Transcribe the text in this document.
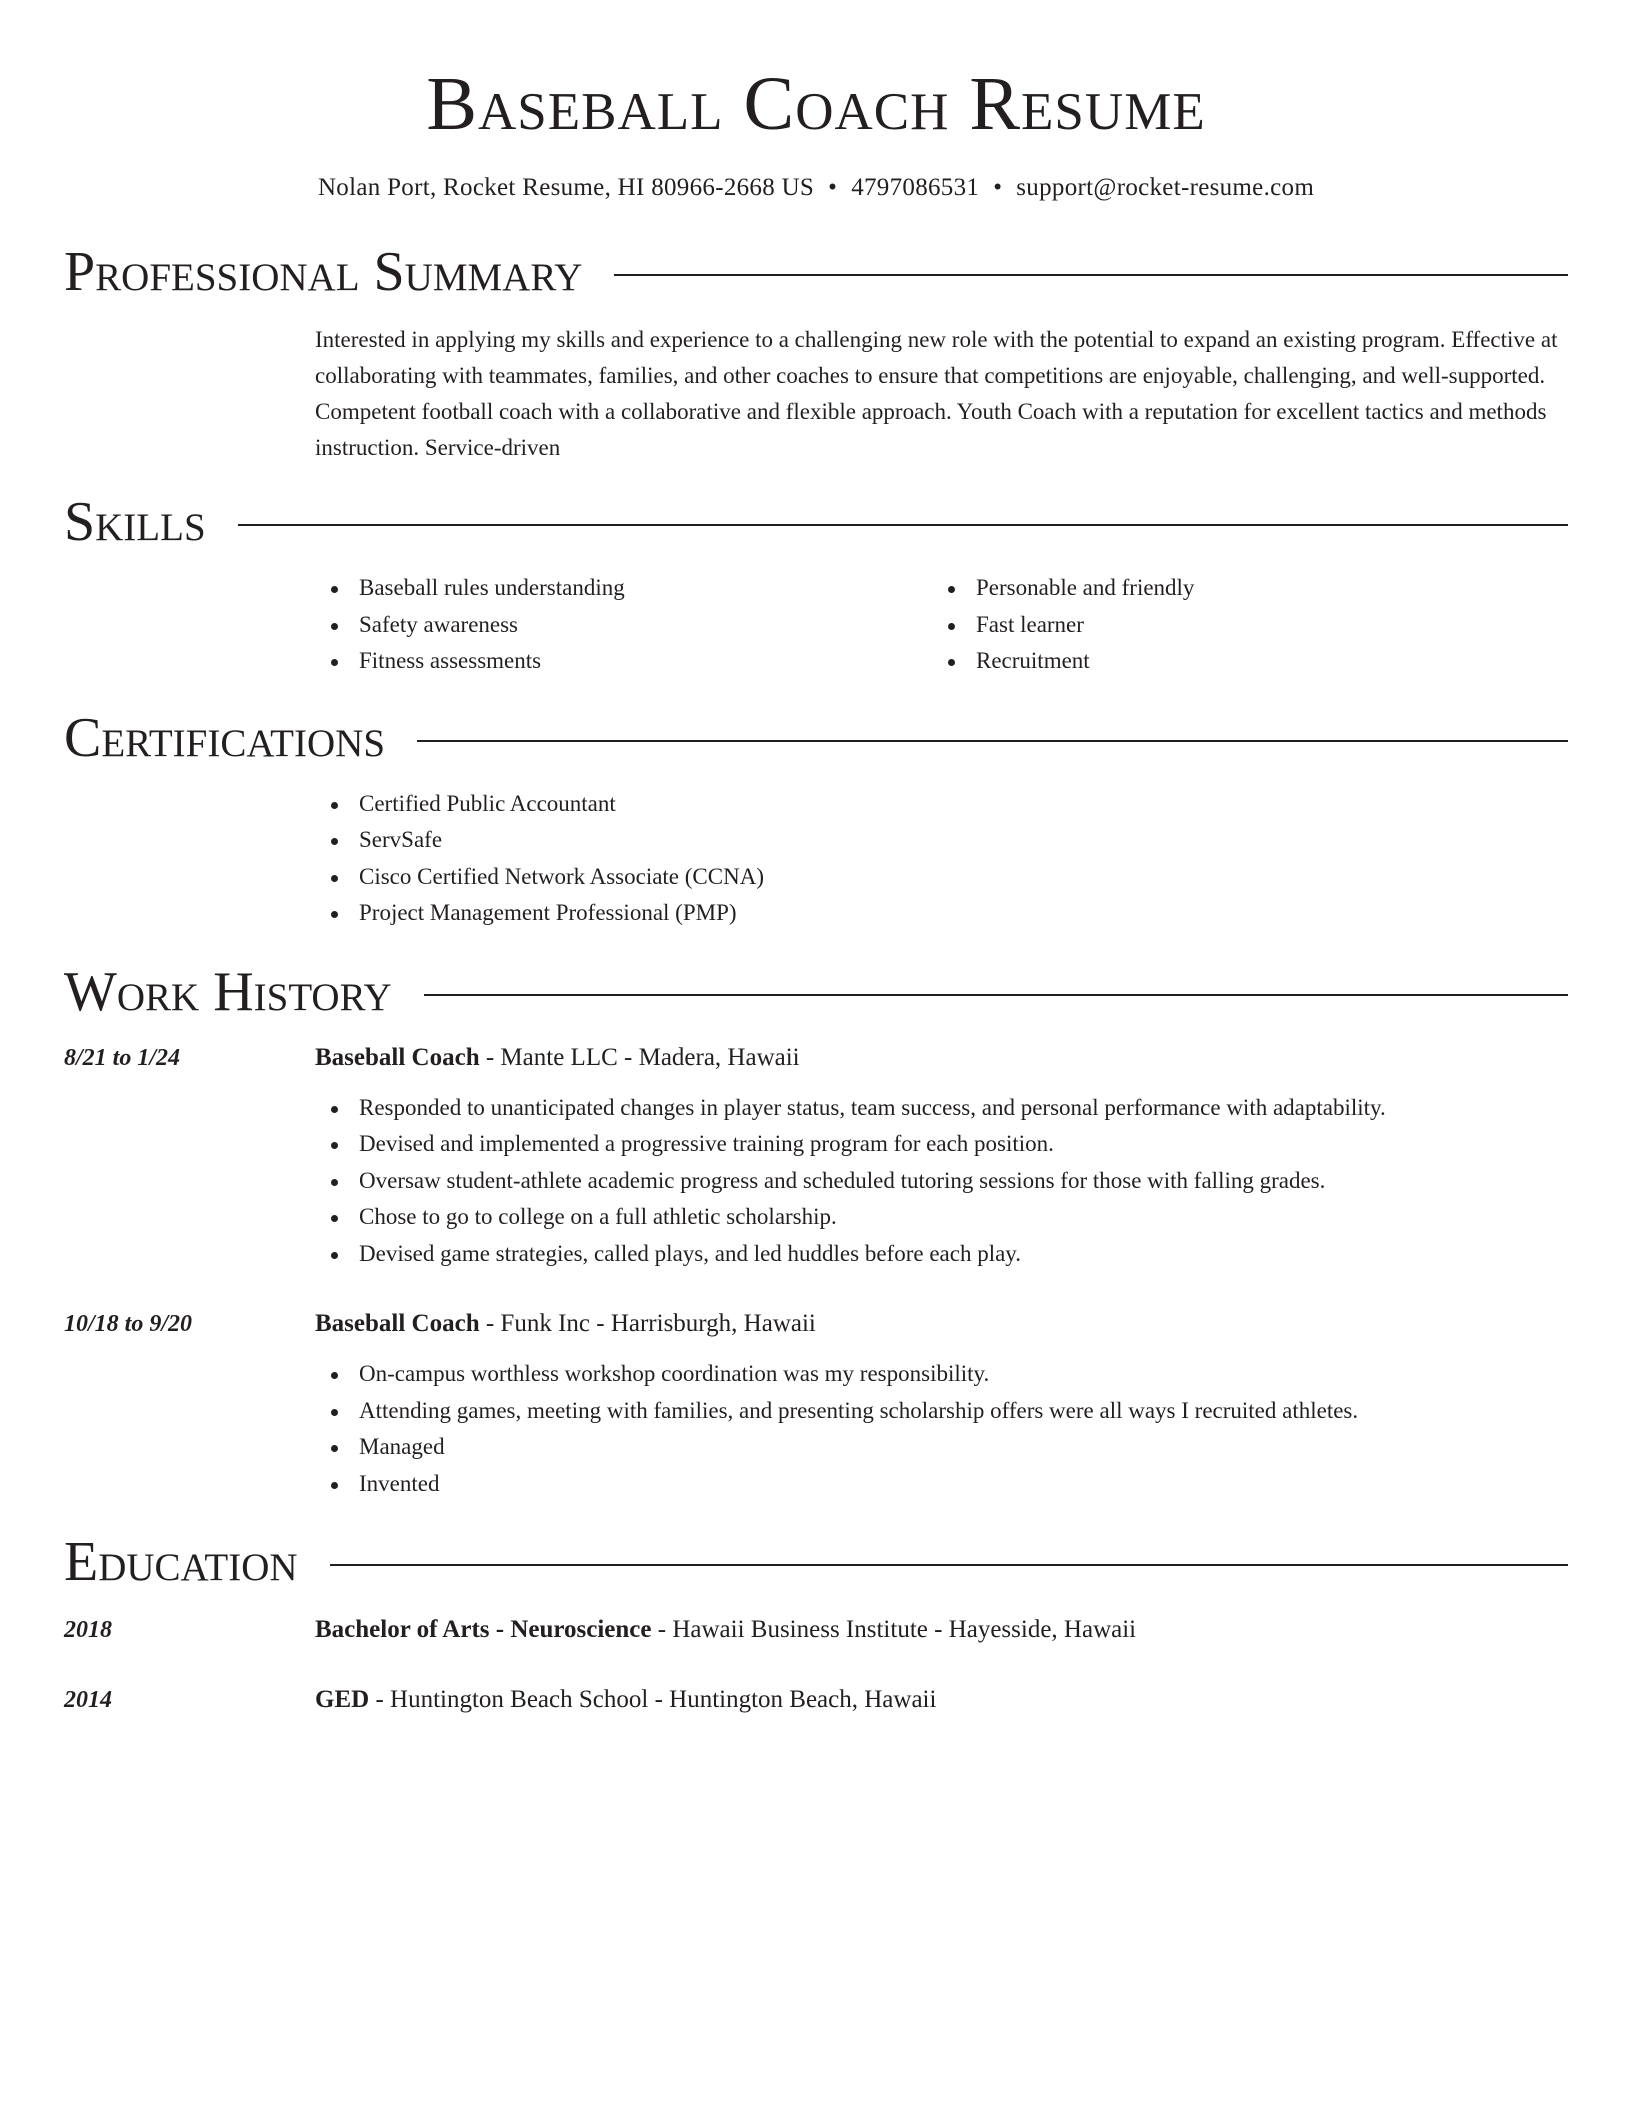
Baseball Coach Resume
Nolan Port, Rocket Resume, HI 80966-2668 US • 4797086531 • support@rocket-resume.com
Professional Summary
Interested in applying my skills and experience to a challenging new role with the potential to expand an existing program. Effective at collaborating with teammates, families, and other coaches to ensure that competitions are enjoyable, challenging, and well-supported. Competent football coach with a collaborative and flexible approach. Youth Coach with a reputation for excellent tactics and methods instruction. Service-driven
Skills
Baseball rules understanding
Safety awareness
Fitness assessments
Personable and friendly
Fast learner
Recruitment
Certifications
Certified Public Accountant
ServSafe
Cisco Certified Network Associate (CCNA)
Project Management Professional (PMP)
Work History
8/21 to 1/24	Baseball Coach - Mante LLC - Madera, Hawaii
Responded to unanticipated changes in player status, team success, and personal performance with adaptability.
Devised and implemented a progressive training program for each position.
Oversaw student-athlete academic progress and scheduled tutoring sessions for those with falling grades.
Chose to go to college on a full athletic scholarship.
Devised game strategies, called plays, and led huddles before each play.
10/18 to 9/20	Baseball Coach - Funk Inc - Harrisburgh, Hawaii
On-campus worthless workshop coordination was my responsibility.
Attending games, meeting with families, and presenting scholarship offers were all ways I recruited athletes.
Managed
Invented
Education
2018	Bachelor of Arts - Neuroscience - Hawaii Business Institute - Hayesside, Hawaii
2014	GED - Huntington Beach School - Huntington Beach, Hawaii
